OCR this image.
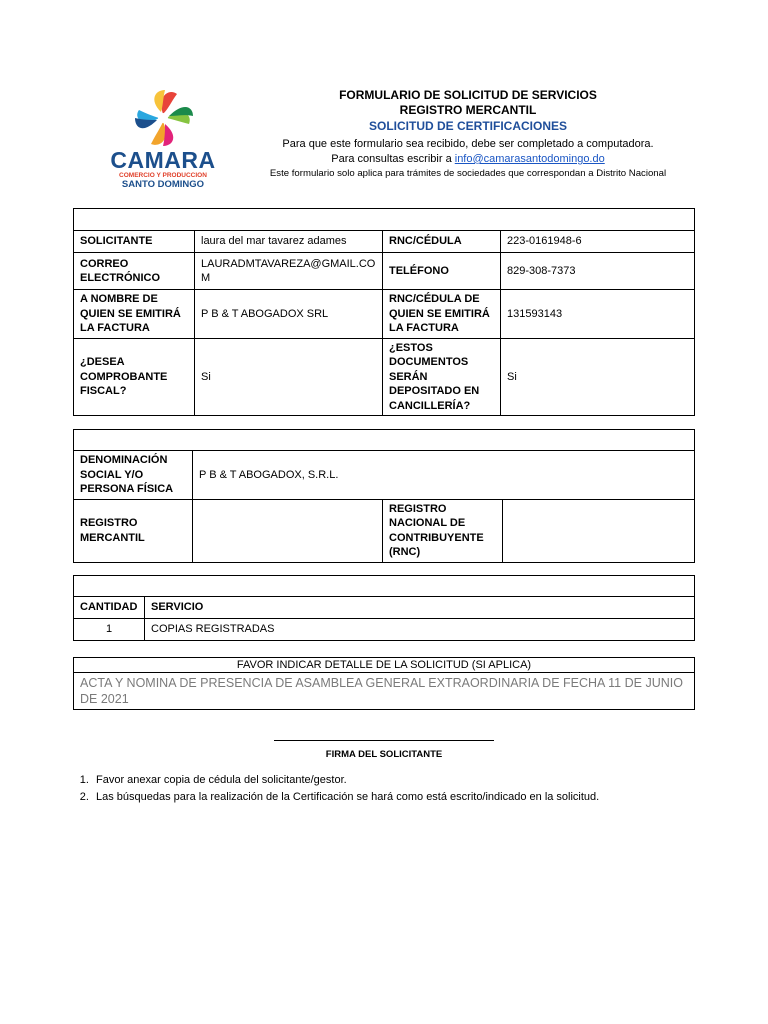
CAMARA
COMERCIO Y PRODUCCION
SANTO DOMINGO
FORMULARIO DE SOLICITUD DE SERVICIOS
REGISTRO MERCANTIL
SOLICITUD DE CERTIFICACIONES
Para que este formulario sea recibido, debe ser completado a computadora.
Para consultas escribir a info@camarasantodomingo.do
Este formulario solo aplica para trámites de sociedades que correspondan a Distrito Nacional

SOLICITANTE	laura del mar tavarez adames	RNC/CÉDULA	223-0161948-6
CORREO ELECTRÓNICO	LAURADMTAVAREZA@GMAIL.COM	TELÉFONO	829-308-7373
A NOMBRE DE QUIEN SE EMITIRÁ LA FACTURA	P B & T ABOGADOX SRL	RNC/CÉDULA DE QUIEN SE EMITIRÁ LA FACTURA	131593143
¿DESEA COMPROBANTE FISCAL?	Si	¿ESTOS DOCUMENTOS SERÁN DEPOSITADO EN CANCILLERÍA?	Si

DENOMINACIÓN SOCIAL Y/O PERSONA FÍSICA	P B & T ABOGADOX, S.R.L.		
REGISTRO MERCANTIL		REGISTRO NACIONAL DE CONTRIBUYENTE (RNC)	

CANTIDAD	SERVICIO
1	COPIAS REGISTRADAS
FAVOR INDICAR DETALLE DE LA SOLICITUD (SI APLICA)
ACTA Y NOMINA DE PRESENCIA DE ASAMBLEA GENERAL EXTRAORDINARIA DE FECHA 11 DE JUNIO DE 2021
FIRMA DEL SOLICITANTE
1. Favor anexar copia de cédula del solicitante/gestor.
2. Las búsquedas para la realización de la Certificación se hará como está escrito/indicado en la solicitud.
